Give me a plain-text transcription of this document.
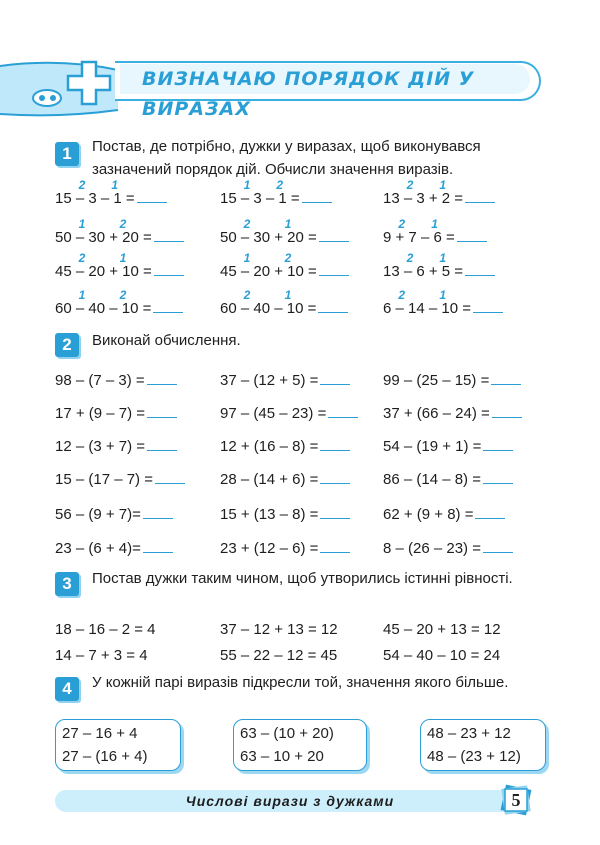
ВИЗНАЧАЮ ПОРЯДОК ДІЙ У ВИРАЗАХ
1	Постав, де потрібно, дужки у виразах, щоб виконувався зазначений порядок дій. Обчисли значення виразів.
15 – 3 – 1 =	15 – 3 – 1 =	13 – 3 + 2 =
50 – 30 + 20 =	50 – 30 + 20 =	9 + 7 – 6 =
45 – 20 + 10 =	45 – 20 + 10 =	13 – 6 + 5 =
60 – 40 – 10 =	60 – 40 – 10 =	6 – 14 – 10 =
2	Виконай обчислення.
98 – (7 – 3) =	37 – (12 + 5) =	99 – (25 – 15) =
17 + (9 – 7) =	97 – (45 – 23) =	37 + (66 – 24) =
12 – (3 + 7) =	12 + (16 – 8) =	54 – (19 + 1) =
15 – (17 – 7) =	28 – (14 + 6) =	86 – (14 – 8) =
56 – (9 + 7)=	15 + (13 – 8) =	62 + (9 + 8) =
23 – (6 + 4)=	23 + (12 – 6) =	8 – (26 – 23) =
3	Постав дужки таким чином, щоб утворились істинні рівності.
18 – 16 – 2 = 4	37 – 12 + 13 = 12	45 – 20 + 13 = 12
14 – 7 + 3 = 4	55 – 22 – 12 = 45	54 – 40 – 10 = 24
4	У кожній парі виразів підкресли той, значення якого більше.
27 – 16 + 4
27 – (16 + 4)
63 – (10 + 20)
63 – 10 + 20
48 – 23 + 12
48 – (23 + 12)
Числові вирази з дужками	5
2 1	1 2	2 1
1	2	2	1	2 1
2	1	1	2	2 1
1	2	2	1	2	1
